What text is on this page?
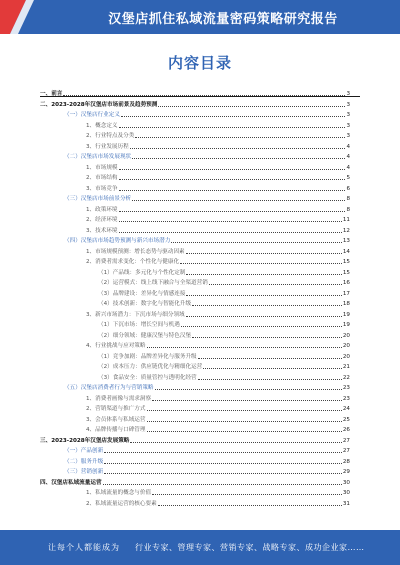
汉堡店抓住私域流量密码策略研究报告
内容目录
一、前言	3
二、2023-2028年汉堡店市场前景及趋势预测	3
（一）汉堡店行业定义	3
1、概念定义	3
2、行业特点及分类	3
3、行业发展历程	4
（二）汉堡店市场发展现状	4
1、市场规模	4
2、市场结构	5
3、市场竞争	6
（三）汉堡店市场前景分析	8
1、政策环境	8
2、经济环境	11
3、技术环境	12
（四）汉堡店市场趋势预测与新兴市场潜力	13
1、市场规模预测：增长态势与驱动因素	14
2、消费者需求变化：个性化与健康化	15
（1）产品线：多元化与个性化定制	15
（2）运营模式：线上线下融合与全渠道营销	16
（3）品牌建设：差异化与情感连接	17
（4）技术创新：数字化与智能化升级	18
3、新兴市场潜力：下沉市场与细分领域	19
（1）下沉市场：增长空间与机遇	19
（2）细分领域：健康汉堡与特色汉堡	20
4、行业挑战与应对策略	20
（1）竞争加剧：品牌差异化与服务升级	20
（2）成本压力：供应链优化与精细化运营	21
（3）食品安全：质量管控与透明化经营	22
（五）汉堡店消费者行为与营销策略	23
1、消费者画像与需求洞察	23
2、营销渠道与推广方式	24
3、会员体系与私域运营	25
4、品牌传播与口碑管理	26
三、2023-2028年汉堡店发展策略	27
（一）产品创新	27
（二）服务升级	28
（三）营销创新	29
四、汉堡店私域流量运营	30
1、私域流量的概念与价值	30
2、私域流量运营的核心要素	31
让每个人都能成为 行业专家、管理专家、营销专家、战略专家、成功企业家……
